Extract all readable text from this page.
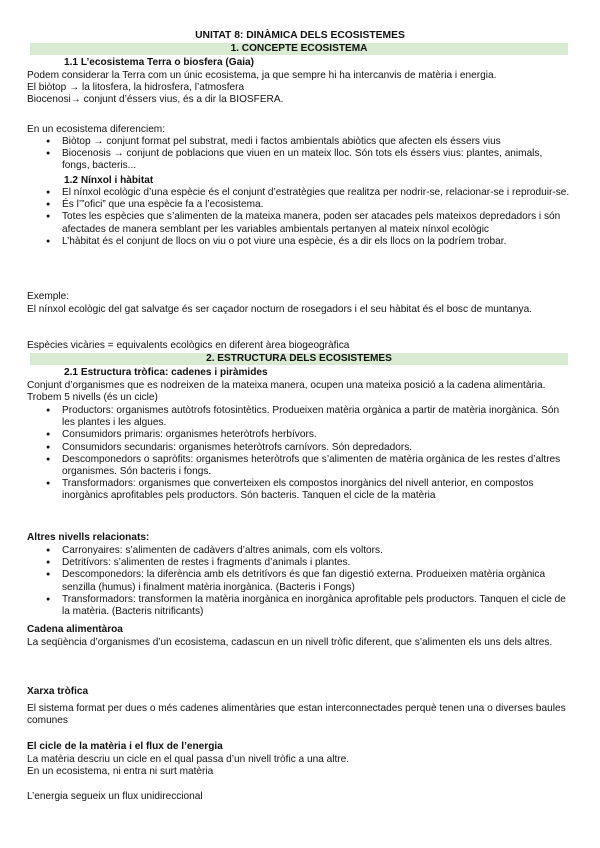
UNITAT 8: DINÀMICA DELS ECOSISTEMES
1. CONCEPTE ECOSISTEMA
1.1 L’ecosistema Terra o biosfera (Gaia)
Podem considerar la Terra com un únic ecosistema, ja que sempre hi ha intercanvis de matèria i energia.
El biòtop → la litosfera, la hidrosfera, l’atmosfera
Biocenosi→ conjunt d’éssers vius, és a dir la BIOSFERA.
En un ecosistema diferenciem:
● Biòtop → conjunt format pel substrat, medi i factos ambientals abiòtics que afecten els éssers vius
● Biocenosis → conjunt de poblacions que viuen en un mateix lloc. Són tots els éssers vius: plantes, animals, fongs, bacteris...
1.2 Nínxol i hàbitat
● El nínxol ecològic d’una espècie és el conjunt d’estratègies que realitza per nodrir-se, relacionar-se i reproduir-se.
● És l’”ofici” que una espècie fa a l’ecosistema.
● Totes les espècies que s’alimenten de la mateixa manera, poden ser atacades pels mateixos depredadors i són afectades de manera semblant per les variables ambientals pertanyen al mateix nínxol ecològic
● L’hàbitat és el conjunt de llocs on viu o pot viure una espècie, és a dir els llocs on la podríem trobar.
Exemple:
El nínxol ecològic del gat salvatge és ser caçador nocturn de rosegadors i el seu hàbitat és el bosc de muntanya.
Espècies vicàries = equivalents ecològics en diferent àrea biogeogràfica
2. ESTRUCTURA DELS ECOSISTEMES
2.1 Estructura tròfica: cadenes i piràmides
Conjunt d’organismes que es nodreixen de la mateixa manera, ocupen una mateixa posició a la cadena alimentària. Trobem 5 nivells (és un cicle)
● Productors: organismes autòtrofs fotosintètics. Produeixen matèria orgànica a partir de matèria inorgànica. Són les plantes i les algues.
● Consumidors primaris: organismes heteròtrofs herbívors.
● Consumidors secundaris: organismes heteròtrofs carnívors. Són depredadors.
● Descomponedors o sapròfits: organismes heteròtrofs que s’alimenten de matèria orgànica de les restes d’altres organismes. Són bacteris i fongs.
● Transformadors: organismes que converteixen els compostos inorgànics del nivell anterior, en compostos inorgànics aprofitables pels productors. Són bacteris. Tanquen el cicle de la matèria
Altres nivells relacionats:
● Carronyaires: s’alimenten de cadàvers d’altres animals, com els voltors.
● Detritívors: s’alimenten de restes i fragments d’animals i plantes.
● Descomponedors: la diferència amb els detritívors és que fan digestió externa. Produeixen matèria orgànica senzilla (humus) i finalment matèria inorgànica. (Bacteris i Fongs)
● Transformadors: transformen la matèria inorgànica en inorgànica aprofitable pels productors. Tanquen el cicle de la matèria. (Bacteris nitrificants)
Cadena alimentàroa
La seqüència d’organismes d’un ecosistema, cadascun en un nivell tròfic diferent, que s’alimenten els uns dels altres.
Xarxa tròfica
El sistema format per dues o més cadenes alimentàries que estan interconnectades perquè tenen una o diverses baules comunes
El cicle de la matèria i el flux de l’energia
La matèria descriu un cicle en el qual passa d’un nivell tròfic a una altre.
En un ecosistema, ni entra ni surt matèria
L’energia segueix un flux unidireccional
